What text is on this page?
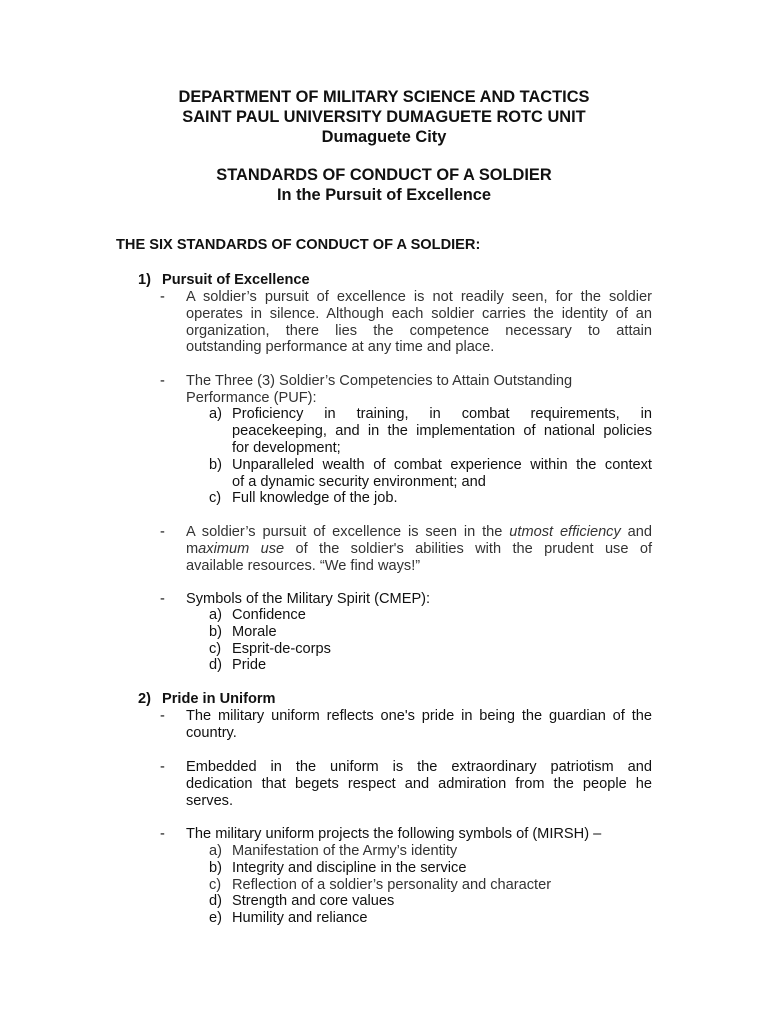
DEPARTMENT OF MILITARY SCIENCE AND TACTICS
SAINT PAUL UNIVERSITY DUMAGUETE ROTC UNIT
Dumaguete City
STANDARDS OF CONDUCT OF A SOLDIER
In the Pursuit of Excellence
THE SIX STANDARDS OF CONDUCT OF A SOLDIER:
1) Pursuit of Excellence
-	A soldier’s pursuit of excellence is not readily seen, for the soldier
operates in silence. Although each soldier carries the identity of an
organization, there lies the competence necessary to attain
outstanding performance at any time and place.
-	The Three (3) Soldier’s Competencies to Attain Outstanding
Performance (PUF):
a) Proficiency in training, in combat requirements, in
peacekeeping, and in the implementation of national policies
for development;
b) Unparalleled wealth of combat experience within the context
of a dynamic security environment; and
c) Full knowledge of the job.
-	A soldier’s pursuit of excellence is seen in the utmost efficiency and
maximum use of the soldier's abilities with the prudent use of
available resources. “We find ways!”
-	Symbols of the Military Spirit (CMEP):
a) Confidence
b) Morale
c) Esprit-de-corps
d) Pride
2) Pride in Uniform
-	The military uniform reflects one's pride in being the guardian of the
country.
-	Embedded in the uniform is the extraordinary patriotism and
dedication that begets respect and admiration from the people he
serves.
-	The military uniform projects the following symbols of (MIRSH) –
a) Manifestation of the Army’s identity
b) Integrity and discipline in the service
c) Reflection of a soldier’s personality and character
d) Strength and core values
e) Humility and reliance
